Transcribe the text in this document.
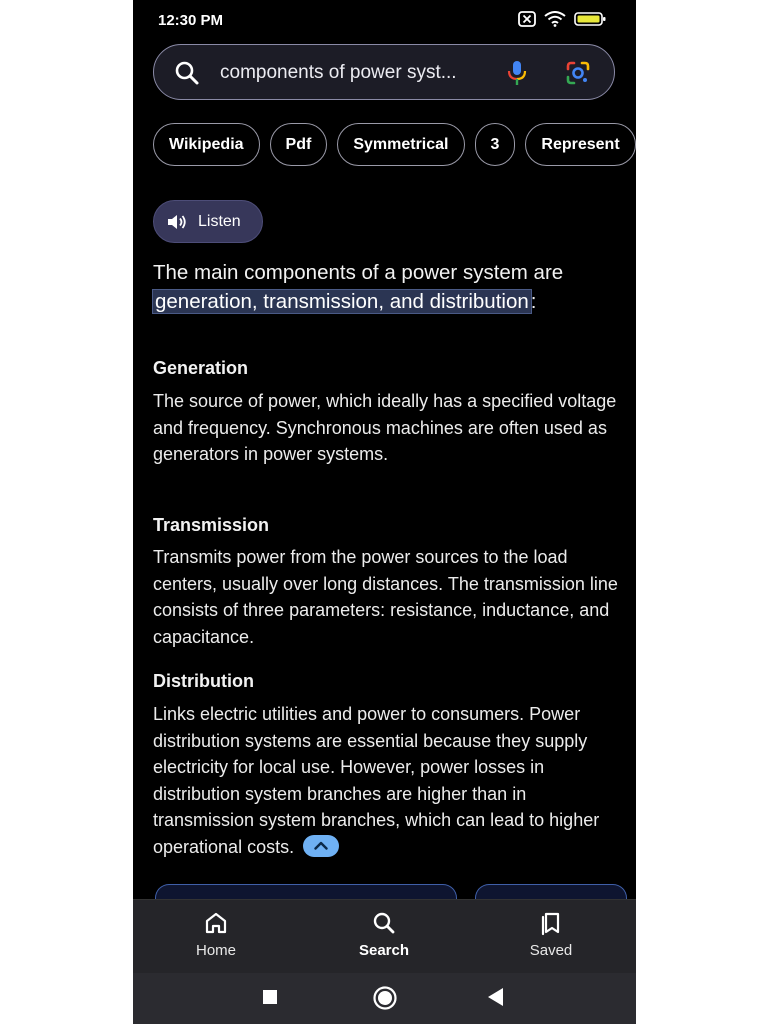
12:30 PM
components of power syst...
Wikipedia	Pdf	Symmetrical	3	Represent
Listen

The main components of a power system are generation, transmission, and distribution:

Generation

The source of power, which ideally has a specified voltage and frequency. Synchronous machines are often used as generators in power systems.

Transmission

Transmits power from the power sources to the load centers, usually over long distances. The transmission line consists of three parameters: resistance, inductance, and capacitance.

Distribution

Links electric utilities and power to consumers. Power distribution systems are essential because they supply electricity for local use. However, power losses in distribution system branches are higher than in transmission system branches, which can lead to higher operational costs.

Home	Search	Saved
